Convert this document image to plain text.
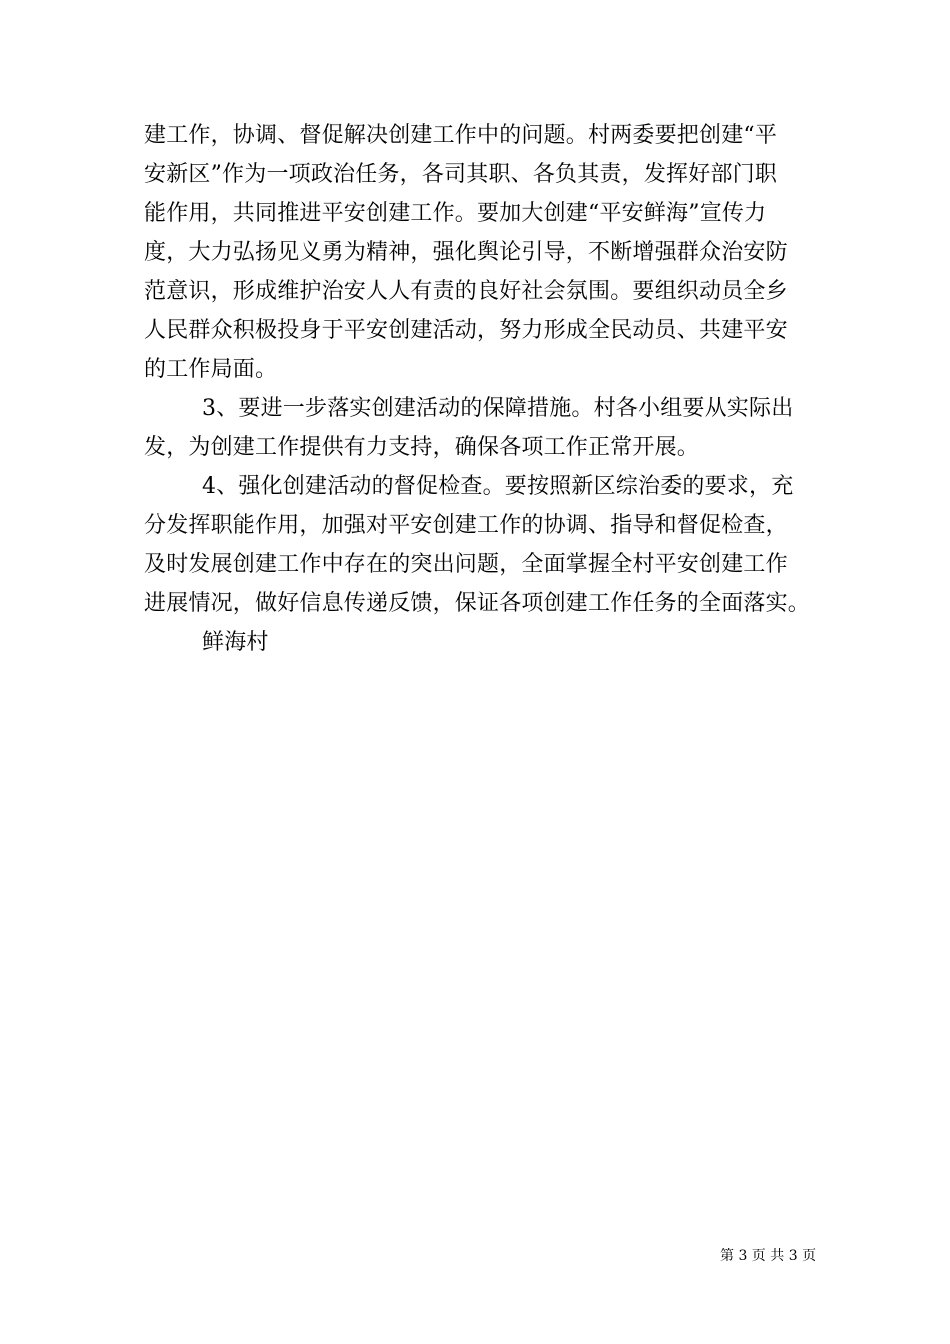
建工作，协调、督促解决创建工作中的问题。村两委要把创建“平
安新区”作为一项政治任务，各司其职、各负其责，发挥好部门职
能作用，共同推进平安创建工作。要加大创建“平安鲜海”宣传力
度，大力弘扬见义勇为精神，强化舆论引导，不断增强群众治安防
范意识，形成维护治安人人有责的良好社会氛围。要组织动员全乡
人民群众积极投身于平安创建活动，努力形成全民动员、共建平安
的工作局面。
3、要进一步落实创建活动的保障措施。村各小组要从实际出
发，为创建工作提供有力支持，确保各项工作正常开展。
4、强化创建活动的督促检查。要按照新区综治委的要求，充
分发挥职能作用，加强对平安创建工作的协调、指导和督促检查，
及时发展创建工作中存在的突出问题，全面掌握全村平安创建工作
进展情况，做好信息传递反馈，保证各项创建工作任务的全面落实。
鲜海村
第 3 页 共 3 页
